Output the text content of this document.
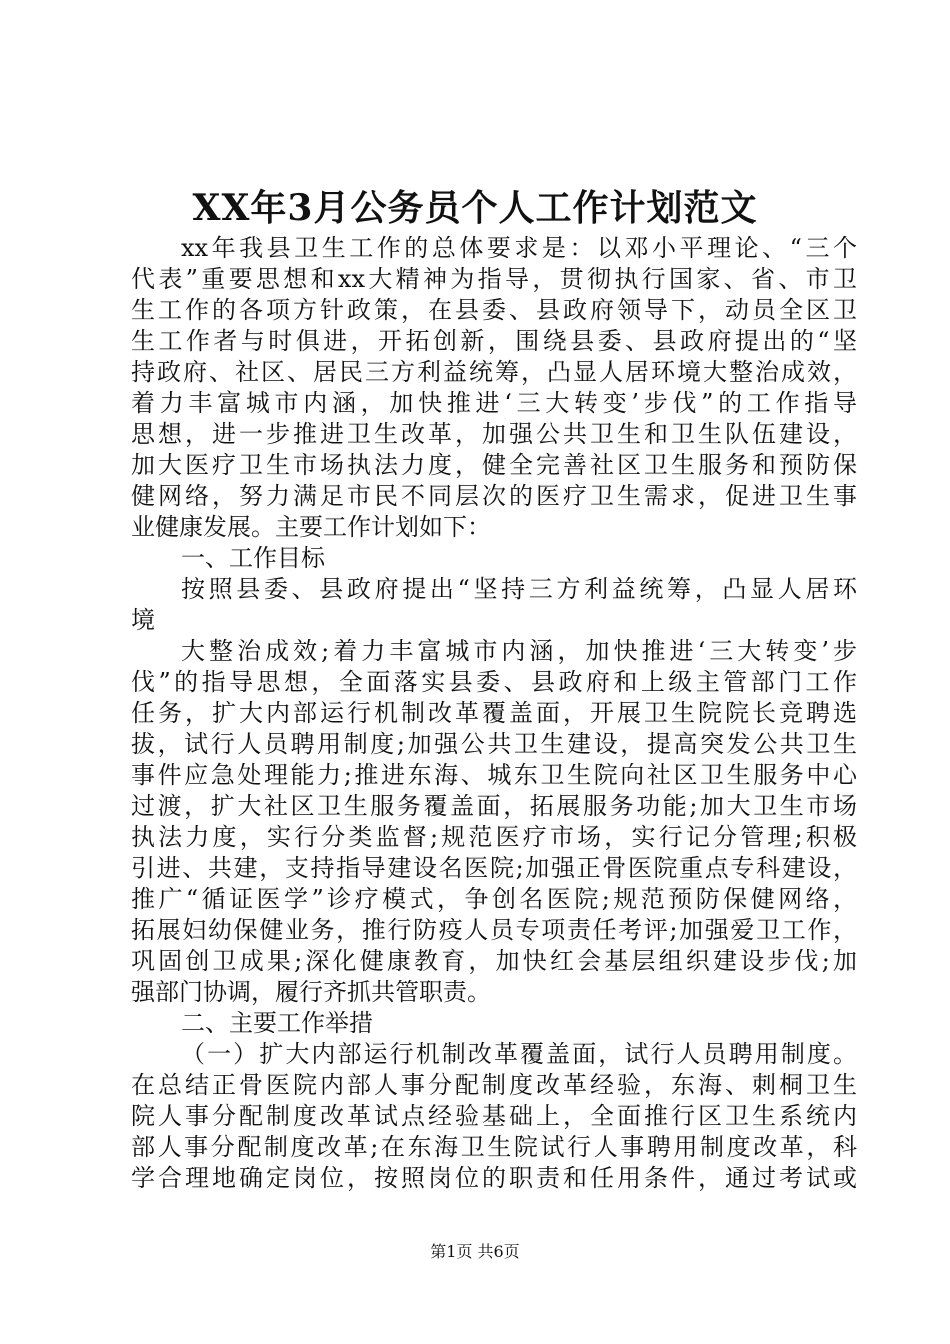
XX年3月公务员个人工作计划范文
xx年我县卫生工作的总体要求是：以邓小平理论、“三个
代表”重要思想和xx大精神为指导，贯彻执行国家、省、市卫
生工作的各项方针政策，在县委、县政府领导下，动员全区卫
生工作者与时俱进，开拓创新，围绕县委、县政府提出的“坚
持政府、社区、居民三方利益统筹，凸显人居环境大整治成效，
着力丰富城市内涵，加快推进‘三大转变’步伐”的工作指导
思想，进一步推进卫生改革，加强公共卫生和卫生队伍建设，
加大医疗卫生市场执法力度，健全完善社区卫生服务和预防保
健网络，努力满足市民不同层次的医疗卫生需求，促进卫生事
业健康发展。主要工作计划如下：
一、工作目标
按照县委、县政府提出“坚持三方利益统筹，凸显人居环
境
大整治成效;着力丰富城市内涵，加快推进‘三大转变’步
伐”的指导思想，全面落实县委、县政府和上级主管部门工作
任务，扩大内部运行机制改革覆盖面，开展卫生院院长竞聘选
拔，试行人员聘用制度;加强公共卫生建设，提高突发公共卫生
事件应急处理能力;推进东海、城东卫生院向社区卫生服务中心
过渡，扩大社区卫生服务覆盖面，拓展服务功能;加大卫生市场
执法力度，实行分类监督;规范医疗市场，实行记分管理;积极
引进、共建，支持指导建设名医院;加强正骨医院重点专科建设，
推广“循证医学”诊疗模式，争创名医院;规范预防保健网络，
拓展妇幼保健业务，推行防疫人员专项责任考评;加强爱卫工作，
巩固创卫成果;深化健康教育，加快红会基层组织建设步伐;加
强部门协调，履行齐抓共管职责。
二、主要工作举措
（一）扩大内部运行机制改革覆盖面，试行人员聘用制度。
在总结正骨医院内部人事分配制度改革经验，东海、刺桐卫生
院人事分配制度改革试点经验基础上，全面推行区卫生系统内
部人事分配制度改革;在东海卫生院试行人事聘用制度改革，科
学合理地确定岗位，按照岗位的职责和任用条件，通过考试或
第1页 共6页
